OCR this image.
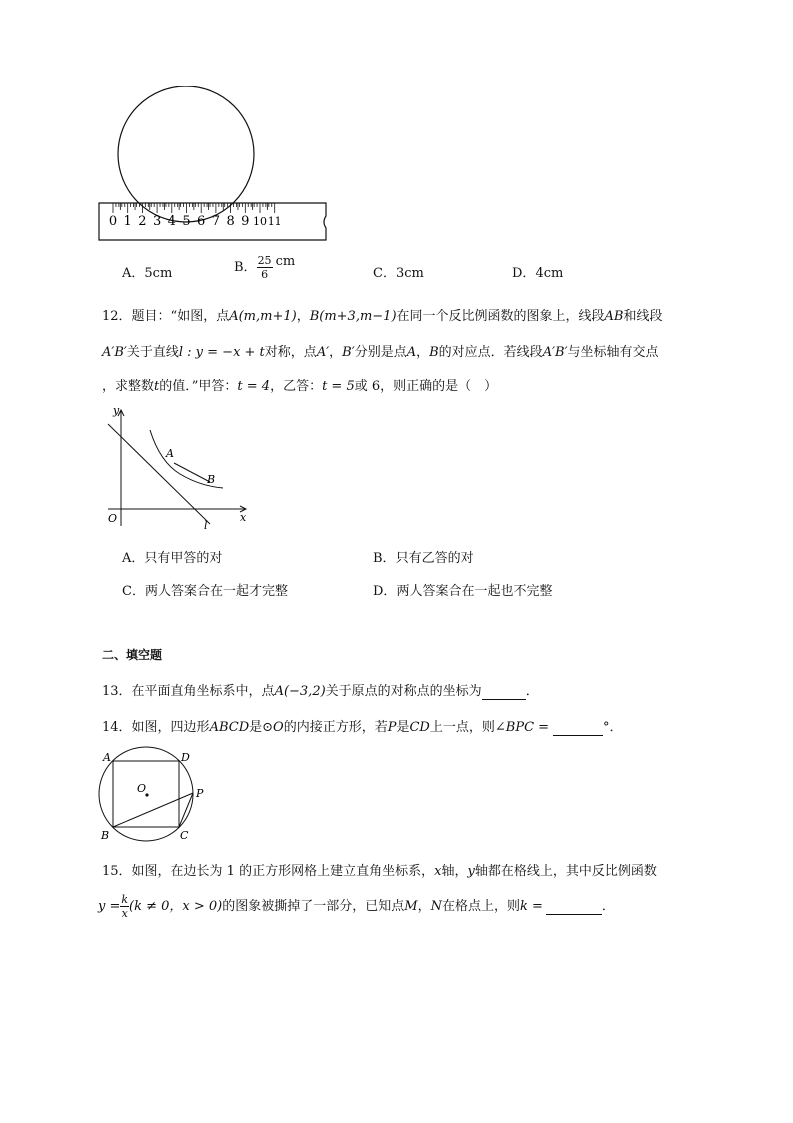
0 1 2 3 4 5 6 7 8 9 10 11
A．5cm	B． $\frac{25}{6}$ cm
C．3cm	D．4cm
12．题目：“如图，点A(m,m+1)，B(m+3,m−1)在同一个反比例函数的图象上，线段AB和线段
A′B′关于直线l : y = −x + t对称，点A′，B′分别是点A，B的对应点．若线段A′B′与坐标轴有交点
，求整数t的值．”甲答：t = 4，乙答：t = 5或 6，则正确的是（　）
y
x
O
A
B
l
A．只有甲答的对	B．只有乙答的对
C．两人答案合在一起才完整	D．两人答案合在一起也不完整
二、填空题
13．在平面直角坐标系中，点A(−3,2)关于原点的对称点的坐标为	．
14．如图，四边形ABCD是⊙O的内接正方形，若P是CD上一点，则∠BPC =	°．
A	D
O	P
B	C
15．如图，在边长为 1 的正方形网格上建立直角坐标系，x轴，y轴都在格线上，其中反比例函数
$y = \frac{k}{x} (k \ne 0$，x > 0)的图象被撕掉了一部分，已知点M，N在格点上，则k =	．
